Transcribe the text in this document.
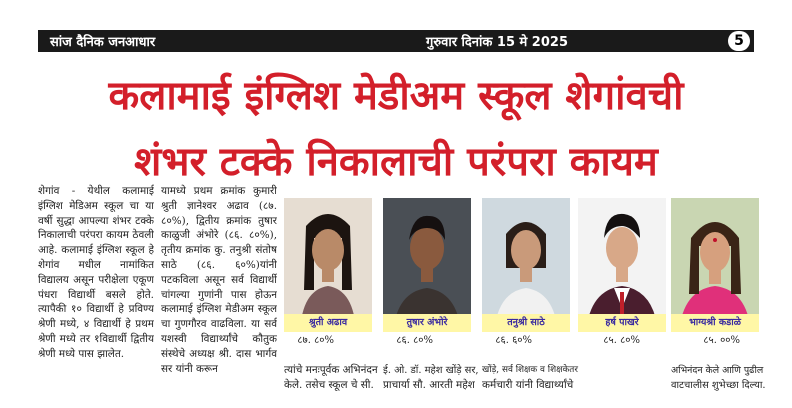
सांज दैनिक जनआधार	गुरुवार दिनांक 15 मे 2025	5
कलामाई इंग्लिश मेडीअम स्कूल शेगांवची
शंभर टक्के निकालाची परंपरा कायम
शेगांव - येथील कलामाई इंग्लिश मेडिअम स्कूल चा या वर्षी सुद्धा आपल्या शंभर टक्के निकालाची परंपरा कायम ठेवली आहे. कलामाई इंग्लिश स्कूल हे शेगांव मधील नामांकित विद्यालय असून परीक्षेला एकूण पंधरा विद्यार्थी बसले होते. त्यापैकी १० विद्यार्थी हे प्रविण्य श्रेणी मध्ये, ४ विद्यार्थी हे प्रथम श्रेणी मध्ये तर १विद्यार्थी द्वितीय श्रेणी मध्ये पास झालेत.
यामध्ये प्रथम क्रमांक कुमारी श्रुती ज्ञानेश्वर अढाव (८७. ८०%), द्वितीय क्रमांक तुषार काळुजी अंभोरे (८६. ८०%), तृतीय क्रमांक कु. तनुश्री संतोष साठे (८६. ६०%)यांनी पटकविला असून सर्व विद्यार्थी चांगल्या गुणांनी पास होऊन कलामाई इंग्लिश मेडीअम स्कूल चा गुणगौरव वाढविला. या सर्व यशस्वी विद्यार्थ्यांचे कौतुक संस्थेचे अध्यक्ष श्री. दास भार्गव सर यांनी करून
श्रुती अढाव
८७. ८०%
तुषार अंभोरे
८६. ८०%
तनुश्री साठे
८६. ६०%
हर्ष पाखरे
८५. ८०%
भाग्यश्री कडाळे
८५. ००%
त्यांचे मनःपूर्वक अभिनंदन
केले. तसेच स्कूल चे सी.
ई. ओ. डॉ. महेश खोंड़े सर,
प्राचार्या सौ. आरती महेश
खोंड़े, सर्व शिक्षक व शिक्षकेतर
कर्मचारी यांनी विद्यार्थ्यांचे
अभिनंदन केले आणि पुढील
वाटचालीस शुभेच्छा दिल्या.
